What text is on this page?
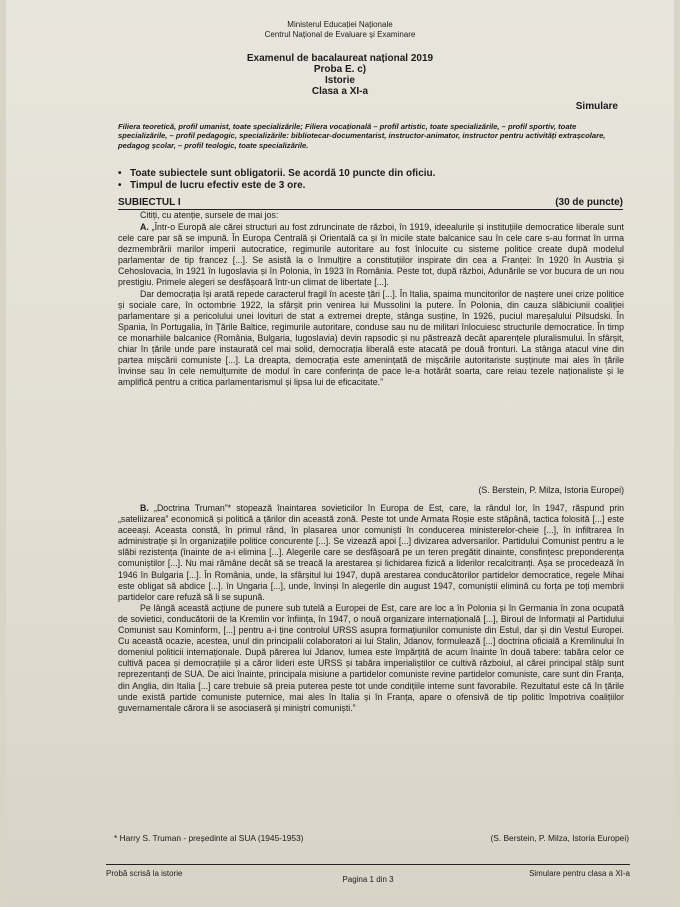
Ministerul Educației Naționale
Centrul Național de Evaluare și Examinare
Examenul de bacalaureat național 2019
Proba E. c)
Istorie
Clasa a XI-a
Simulare
Filiera teoretică, profil umanist, toate specializările; Filiera vocațională – profil artistic, toate specializările, – profil sportiv, toate specializările, – profil pedagogic, specializările: bibliotecar-documentarist, instructor-animator, instructor pentru activități extrașcolare, pedagog școlar, – profil teologic, toate specializările.
• Toate subiectele sunt obligatorii. Se acordă 10 puncte din oficiu.
• Timpul de lucru efectiv este de 3 ore.
SUBIECTUL I	(30 de puncte)
Citiți, cu atenție, sursele de mai jos:

A. „Într-o Europă ale cărei structuri au fost zdruncinate de război, în 1919, ideealurile și instituțiile democratice liberale sunt cele care par să se impună. În Europa Centrală și Orientală ca și în micile state balcanice sau în cele care s-au format în urma dezmembrării marilor imperii autocratice, regimurile autoritare au fost înlocuite cu sisteme politice create după modelul parlamentar de tip francez [...]. Se asistă la o înmulțire a constituțiilor inspirate din cea a Franței: în 1920 în Austria și Cehoslovacia, în 1921 în Iugoslavia și în Polonia, în 1923 în România. Peste tot, după război, Adunările se vor bucura de un nou prestigiu. Primele alegeri se desfășoară într-un climat de libertate [...].

Dar democrația își arată repede caracterul fragil în aceste țări [...]. În Italia, spaima muncitorilor de naștere unei crize politice și sociale care, în octombrie 1922, la sfârșit prin venirea lui Mussolini la putere. În Polonia, din cauza slăbiciunii coaliției parlamentare și a pericolului unei lovituri de stat a extremei drepte, stânga susține, în 1926, puciul mareșalului Pilsudski. În Spania, în Portugalia, în Țările Baltice, regimurile autoritare, conduse sau nu de militari înlocuiesc structurile democratice. În timp ce monarhiile balcanice (România, Bulgaria, Iugoslavia) devin rapsodic și nu păstrează decât aparențele pluralismului. În sfârșit, chiar în țările unde pare instaurată cel mai solid, democrația liberală este atacată pe două fronturi. La stânga atacul vine din partea mișcării comuniste [...]. La dreapta, democrația este amenințată de mișcările autoritariste sușținute mai ales în țările învinse sau în cele nemulțumite de modul în care conferința de pace le-a hotărât soarta, care reiau tezele naționaliste și le amplifică pentru a critica parlamentarismul și lipsa lui de eficacitate.”

(S. Berstein, P. Milza, Istoria Europei)

B. „Doctrina Truman”* stopează înaintarea sovieticilor în Europa de Est, care, la rândul lor, în 1947, răspund prin „sateliizarea” economică și politică a țărilor din această zonă. Peste tot unde Armata Roșie este stăpână, tactica folosită [...] este aceeași. Aceasta constă, în primul rând, în plasarea unor comuniști în conducerea ministerelor-cheie [...], în infiltrarea în administrație și în organizațiile politice concurente [...]. Se vizează apoi [...] divizarea adversarilor. Partidului Comunist pentru a le slăbi rezistența (înainte de a-i elimina [...]. Alegerile care se desfășoară pe un teren pregătit dinainte, consfințesc preponderența comuniștilor [...]. Nu mai rămâne decât să se treacă la arestarea și lichidarea fizică a liderilor recalcitranți. Așa se procedează în 1946 în Bulgaria [...]. În România, unde, la sfârșitul lui 1947, după arestarea conducătorilor partidelor democratice, regele Mihai este obligat să abdice [...]. în Ungaria [...], unde, învinși în alegerile din august 1947, comuniștii elimină cu forța pe toți membrii partidelor care refuză să li se supună.

Pe lângă această acțiune de punere sub tutelă a Europei de Est, care are loc a în Polonia și în Germania în zona ocupată de sovietici, conducătorii de la Kremlin vor înființa, în 1947, o nouă organizare internațională [...], Biroul de Informații al Partidului Comunist sau Kominform, [...] pentru a-i ține controlul URSS asupra formațiunilor comuniste din Estul, dar și din Vestul Europei. Cu această ocazie, acestea, unul din principalii colaboratori ai lui Stalin, Jdanov, formulează [...] doctrina oficială a Kremlinului în domeniul politicii internaționale. După părerea lui Jdanov, lumea este împărțită de acum înainte în două tabere: tabăra celor ce cultivă pacea și democrațiile și a căror lideri este URSS și tabăra imperialiștilor ce cultivă războiul, al cărei principal stâlp sunt reprezentanți de SUA. De aici înainte, principala misiune a partidelor comuniste revine partidelor comuniste, care sunt din Franța, din Anglia, din Italia [...] care trebuie să preia puterea peste tot unde condițiile interne sunt favorabile. Rezultatul este că în țările unde există partide comuniste puternice, mai ales în Italia și în Franța, apare o ofensivă de tip politic împotriva coalițiilor guvernamentale cărora li se asociaseră și miniștri comuniști.”

* Harry S. Truman - președinte al SUA (1945-1953)	(S. Berstein, P. Milza, Istoria Europei)
Probă scrisă la istorie
Pagina 1 din 3
Simulare pentru clasa a XI-a
